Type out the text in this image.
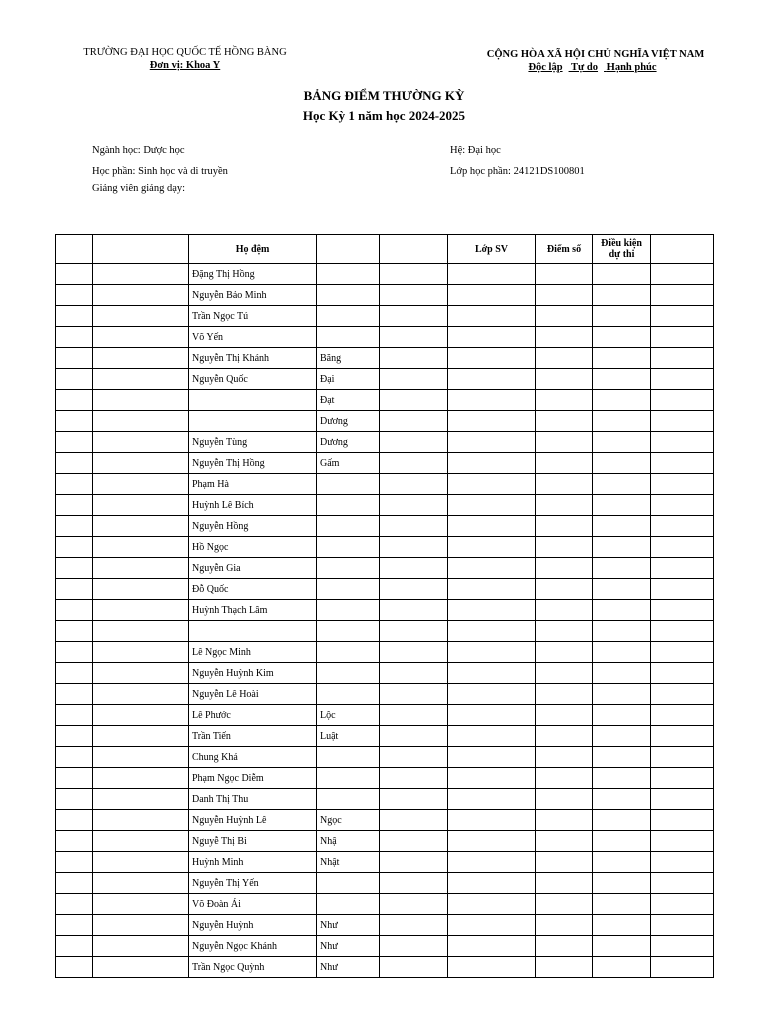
TRƯỜNG ĐẠI HỌC QUỐC TẾ HỒNG BÀNG
Đơn vị: Khoa Y
CỘNG HÒA XÃ HỘI CHỦ NGHĨA VIỆT NAM
Độc lập Tự do Hạnh phúc
BẢNG ĐIỂM THƯỜNG KỲ
Học Kỳ 1 năm học 2024-2025
Ngành học: Dược học	Hệ: Đại học
Học phần: Sinh học và di truyền	Lớp học phần: 24121DS100801
Giảng viên giảng dạy:
		Họ đệm			Lớp SV	Điểm số	Điều kiện dự thi	
		Đặng Thị Hồng						
		Nguyễn Bảo Minh						
		Trần Ngọc Tú						
		Võ Yến						
		Nguyễn Thị Khánh	Băng					
		Nguyễn Quốc	Đại					
			Đạt					
			Dương					
		Nguyễn Tùng	Dương					
		Nguyễn Thị Hồng	Gấm					
		Phạm Hà						
		Huỳnh Lê Bích						
		Nguyễn Hồng						
		Hồ Ngọc						
		Nguyễn Gia						
		Đỗ Quốc						
		Huỳnh Thạch Lâm						

		Lê Ngọc Minh						
		Nguyễn Huỳnh Kim						
		Nguyễn Lê Hoài						
		Lê Phước	Lộc					
		Trần Tiến	Luật					
		Chung Khả						
		Phạm Ngọc Diễm						
		Danh Thị Thu						
		Nguyễn Huỳnh Lê	Ngọc					
		Nguyễ Thị Bi	Nhậ					
		Huỳnh Minh	Nhật					
		Nguyễn Thị Yến						
		Võ Đoàn Ái						
		Nguyễn Huỳnh	Như					
		Nguyễn Ngọc Khánh	Như					
		Trần Ngọc Quỳnh	Như					
